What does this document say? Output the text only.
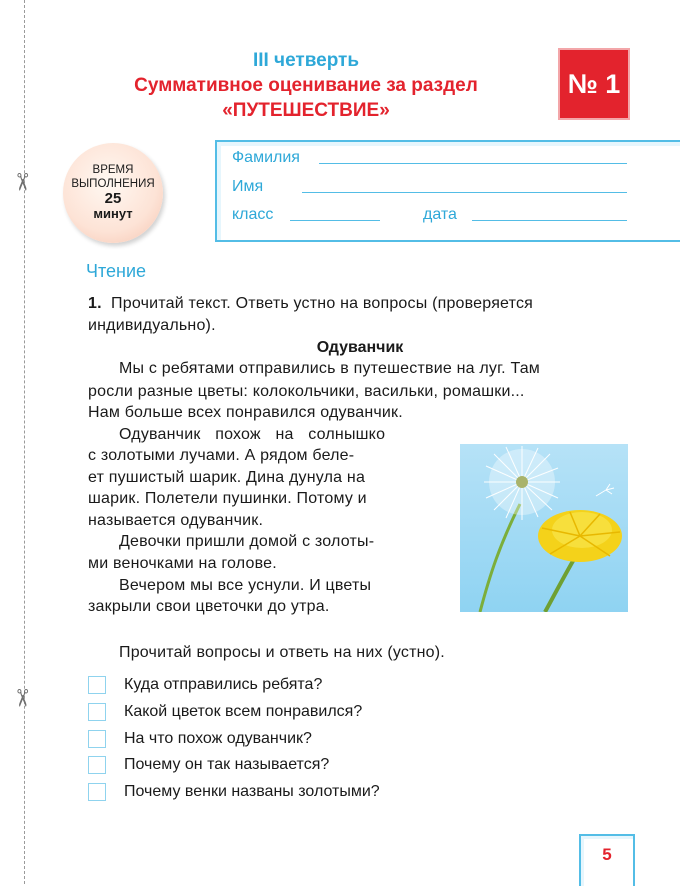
✂
✂
III четверть
Суммативное оценивание за раздел
«ПУТЕШЕСТВИЕ»
№ 1
ВРЕМЯ
ВЫПОЛНЕНИЯ
25
минут
Фамилия
Имя
класс	дата
Чтение
1. Прочитай текст. Ответь устно на вопросы (проверяется
индивидуально).
Одуванчик
Мы с ребятами отправились в путешествие на луг. Там
росли разные цветы: колокольчики, васильки, ромашки...
Нам больше всех понравился одуванчик.
Одуванчик похож на солнышко
с золотыми лучами. А рядом беле-
ет пушистый шарик. Дина дунула на
шарик. Полетели пушинки. Потому и
называется одуванчик.
Девочки пришли домой с золоты-
ми веночками на голове.
Вечером мы все уснули. И цветы
закрыли свои цветочки до утра.
Прочитай вопросы и ответь на них (устно).
Куда отправились ребята?
Какой цветок всем понравился?
На что похож одуванчик?
Почему он так называется?
Почему венки названы золотыми?
5
